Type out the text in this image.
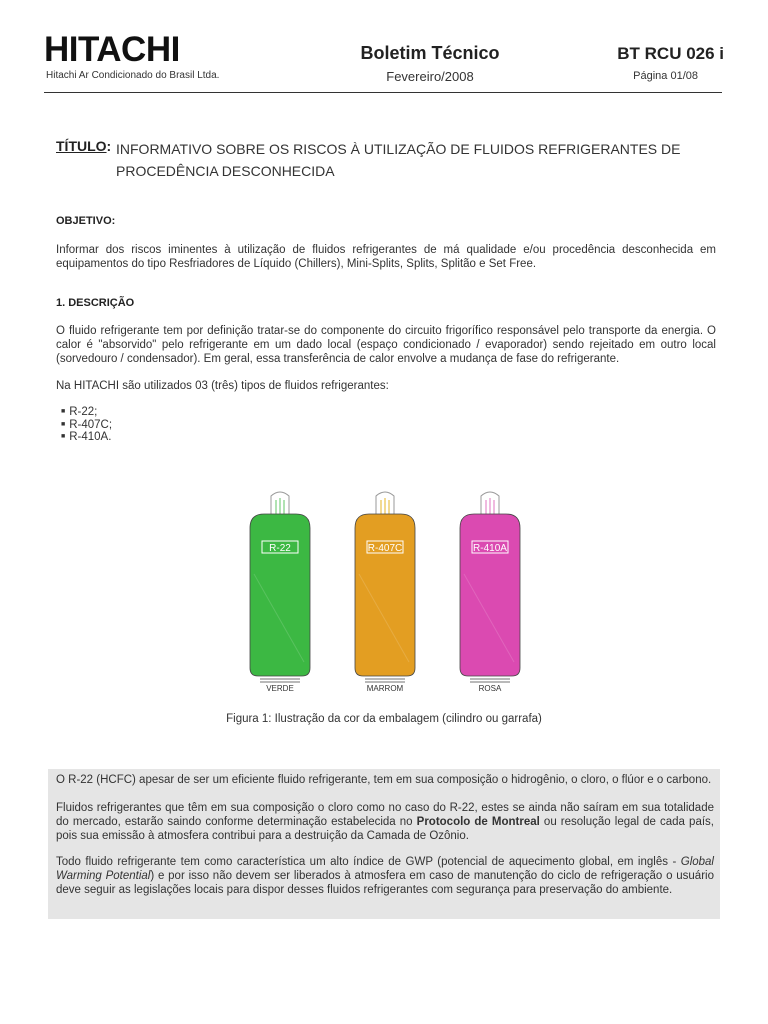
HITACHI
Hitachi Ar Condicionado do Brasil Ltda.
Boletim Técnico
Fevereiro/2008
BT RCU 026 i
Página 01/08
TÍTULO: INFORMATIVO SOBRE OS RISCOS À UTILIZAÇÃO DE FLUIDOS REFRIGERANTES DE
PROCEDÊNCIA DESCONHECIDA
OBJETIVO:
Informar dos riscos iminentes à utilização de fluidos refrigerantes de má qualidade e/ou procedência desconhecida em equipamentos do tipo Resfriadores de Líquido (Chillers), Mini-Splits, Splits, Splitão e Set Free.
1. DESCRIÇÃO
O fluido refrigerante tem por definição tratar-se do componente do circuito frigorífico responsável pelo transporte da energia. O calor é "absorvido" pelo refrigerante em um dado local (espaço condicionado / evaporador) sendo rejeitado em outro local (sorvedouro / condensador). Em geral, essa transferência de calor envolve a mudança de fase do refrigerante.
Na HITACHI são utilizados 03 (três) tipos de fluidos refrigerantes:
■ R-22;
■ R-407C;
■ R-410A.
R-22	R-407C	R-410A
VERDE	MARROM	ROSA
Figura 1: Ilustração da cor da embalagem (cilindro ou garrafa)
O R-22 (HCFC) apesar de ser um eficiente fluido refrigerante, tem em sua composição o hidrogênio, o cloro, o flúor e o carbono.
Fluidos refrigerantes que têm em sua composição o cloro como no caso do R-22, estes se ainda não saíram em sua totalidade do mercado, estarão saindo conforme determinação estabelecida no Protocolo de Montreal ou resolução legal de cada país, pois sua emissão à atmosfera contribui para a destruição da Camada de Ozônio.
Todo fluido refrigerante tem como característica um alto índice de GWP (potencial de aquecimento global, em inglês - Global Warming Potential) e por isso não devem ser liberados à atmosfera em caso de manutenção do ciclo de refrigeração o usuário deve seguir as legislações locais para dispor desses fluidos refrigerantes com segurança para preservação do ambiente.
